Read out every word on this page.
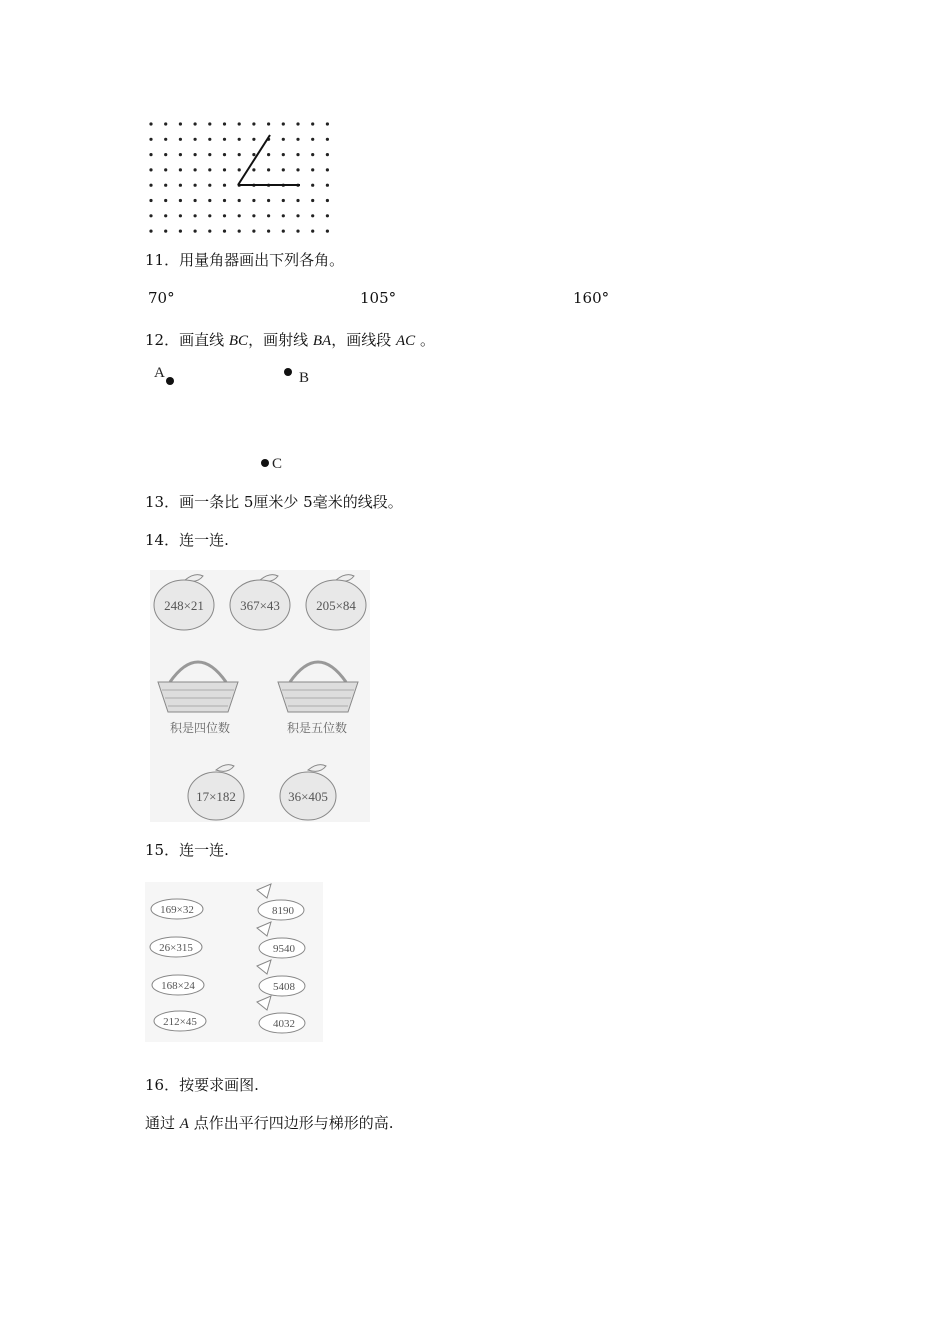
11．用量角器画出下列各角。
70°	105°	160°
12．画直线 BC，画射线 BA，画线段 AC 。
A	B
C
13．画一条比 5厘米少 5毫米的线段。
14．连一连.
248×21	367×43	205×84
积是四位数	积是五位数
17×182	36×405
15．连一连.
169×32
26×315
168×24
212×45
8190
9540
5408
4032
16．按要求画图.
通过 A 点作出平行四边形与梯形的高.
